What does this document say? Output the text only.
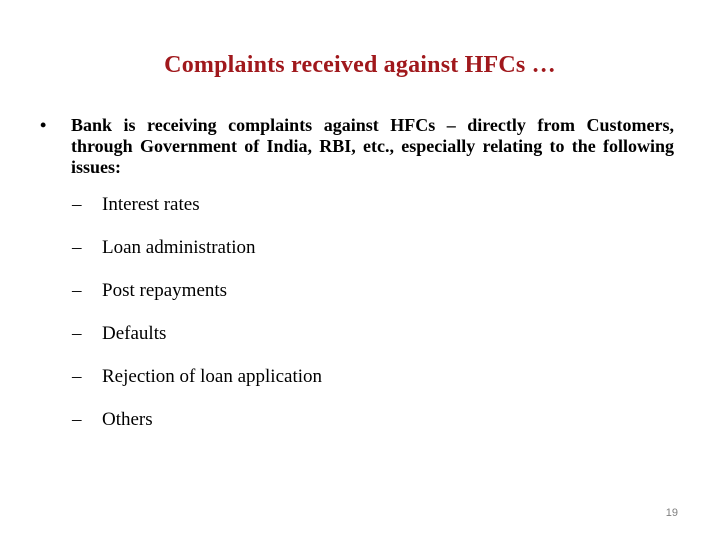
Complaints received against HFCs …
• Bank is receiving complaints against HFCs – directly from Customers, through Government of India, RBI, etc., especially relating to the following issues:
– Interest rates
– Loan administration
– Post repayments
– Defaults
– Rejection of loan application
– Others
19
